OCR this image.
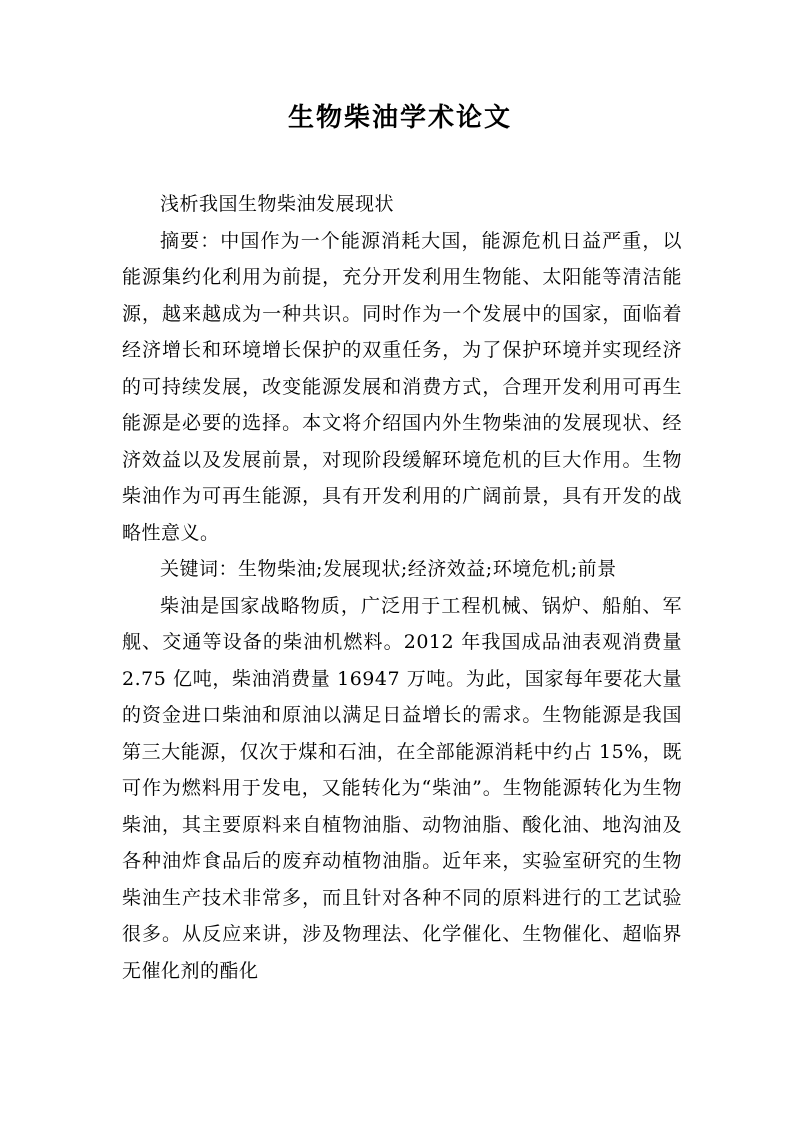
生物柴油学术论文

浅析我国生物柴油发展现状

摘要：中国作为一个能源消耗大国，能源危机日益严重，以能源集约化利用为前提，充分开发利用生物能、太阳能等清洁能源，越来越成为一种共识。同时作为一个发展中的国家，面临着经济增长和环境增长保护的双重任务，为了保护环境并实现经济的可持续发展，改变能源发展和消费方式，合理开发利用可再生能源是必要的选择。本文将介绍国内外生物柴油的发展现状、经济效益以及发展前景，对现阶段缓解环境危机的巨大作用。生物柴油作为可再生能源，具有开发利用的广阔前景，具有开发的战略性意义。

关键词：生物柴油;发展现状;经济效益;环境危机;前景

柴油是国家战略物质，广泛用于工程机械、锅炉、船舶、军舰、交通等设备的柴油机燃料。2012 年我国成品油表观消费量 2.75 亿吨，柴油消费量 16947 万吨。为此，国家每年要花大量的资金进口柴油和原油以满足日益增长的需求。生物能源是我国第三大能源，仅次于煤和石油，在全部能源消耗中约占 15%，既可作为燃料用于发电，又能转化为“柴油”。生物能源转化为生物柴油，其主要原料来自植物油脂、动物油脂、酸化油、地沟油及各种油炸食品后的废弃动植物油脂。近年来，实验室研究的生物柴油生产技术非常多，而且针对各种不同的原料进行的工艺试验很多。从反应来讲，涉及物理法、化学催化、生物催化、超临界无催化剂的酯化
